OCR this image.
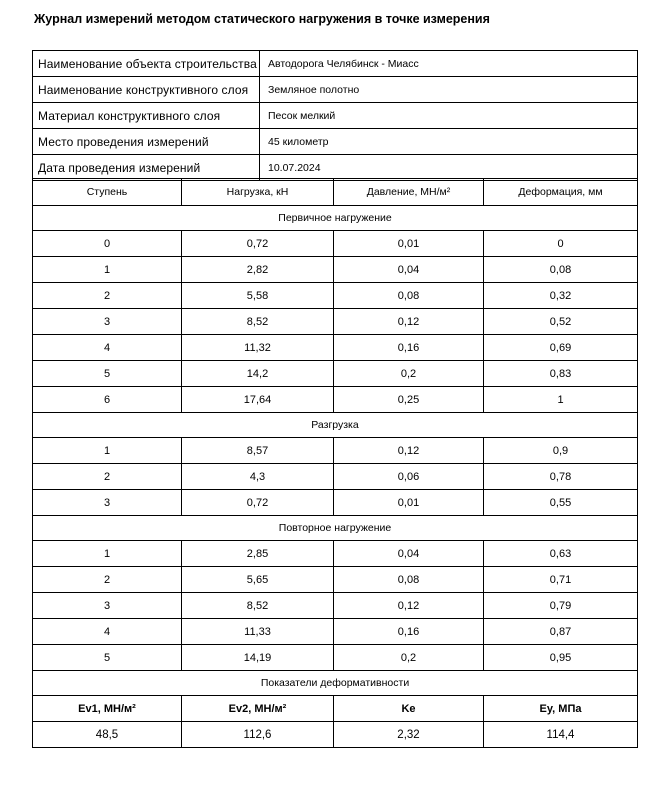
Журнал измерений методом статического нагружения в точке измерения
Наименование объекта строительства	Автодорога Челябинск - Миасс
Наименование конструктивного слоя	Земляное полотно
Материал конструктивного слоя	Песок мелкий
Место проведения измерений	45 километр
Дата проведения измерений	10.07.2024
Ступень	Нагрузка, кН	Давление, МН/м²	Деформация, мм
Первичное нагружение			
0	0,72	0,01	0
1	2,82	0,04	0,08
2	5,58	0,08	0,32
3	8,52	0,12	0,52
4	11,32	0,16	0,69
5	14,2	0,2	0,83
6	17,64	0,25	1
Разгрузка			
1	8,57	0,12	0,9
2	4,3	0,06	0,78
3	0,72	0,01	0,55
Повторное нагружение			
1	2,85	0,04	0,63
2	5,65	0,08	0,71
3	8,52	0,12	0,79
4	11,33	0,16	0,87
5	14,19	0,2	0,95
Показатели деформативности			
Ev1, МН/м²	Ev2, МН/м²	Ke	Ey, МПа
48,5	112,6	2,32	114,4
